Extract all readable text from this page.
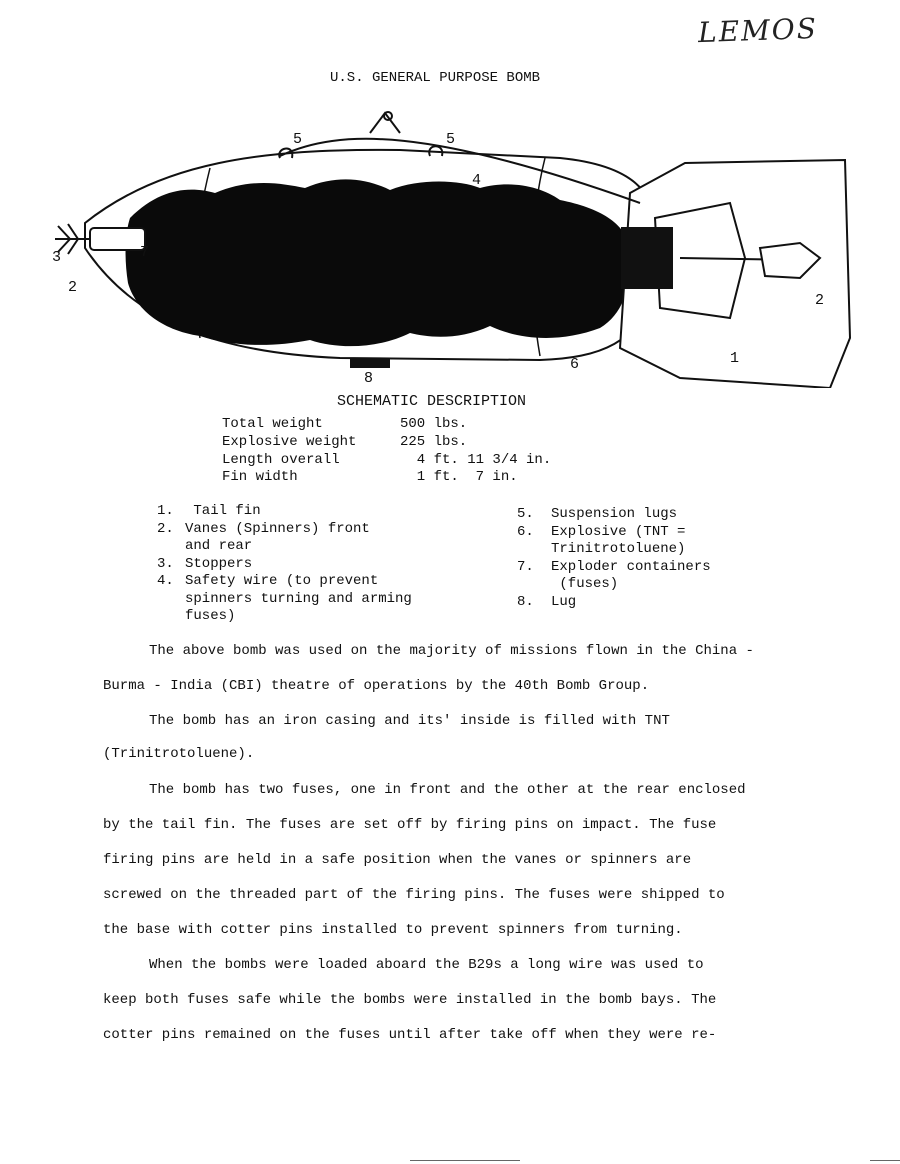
LEMOS
U.S. GENERAL PURPOSE BOMB
5	5
4
3
2
7
6
8
1
2
SCHEMATIC DESCRIPTION
Total weight	500 lbs.
Explosive weight	225 lbs.
Length overall	4 ft. 11 3/4 in.
Fin width	1 ft.  7 in.
1. Tail fin
2. Vanes (Spinners) front
and rear
3. Stoppers
4. Safety wire (to prevent
spinners turning and arming
fuses)
5. Suspension lugs
6. Explosive (TNT =
Trinitrotoluene)
7. Exploder containers
(fuses)
8. Lug
The above bomb was used on the majority of missions flown in the China -
Burma - India (CBI) theatre of operations by the 40th Bomb Group.
The bomb has an iron casing and its' inside is filled with TNT
(Trinitrotoluene).
The bomb has two fuses, one in front and the other at the rear enclosed
by the tail fin. The fuses are set off by firing pins on impact. The fuse
firing pins are held in a safe position when the vanes or spinners are
screwed on the threaded part of the firing pins. The fuses were shipped to
the base with cotter pins installed to prevent spinners from turning.
When the bombs were loaded aboard the B29s a long wire was used to
keep both fuses safe while the bombs were installed in the bomb bays. The
cotter pins remained on the fuses until after take off when they were re-
